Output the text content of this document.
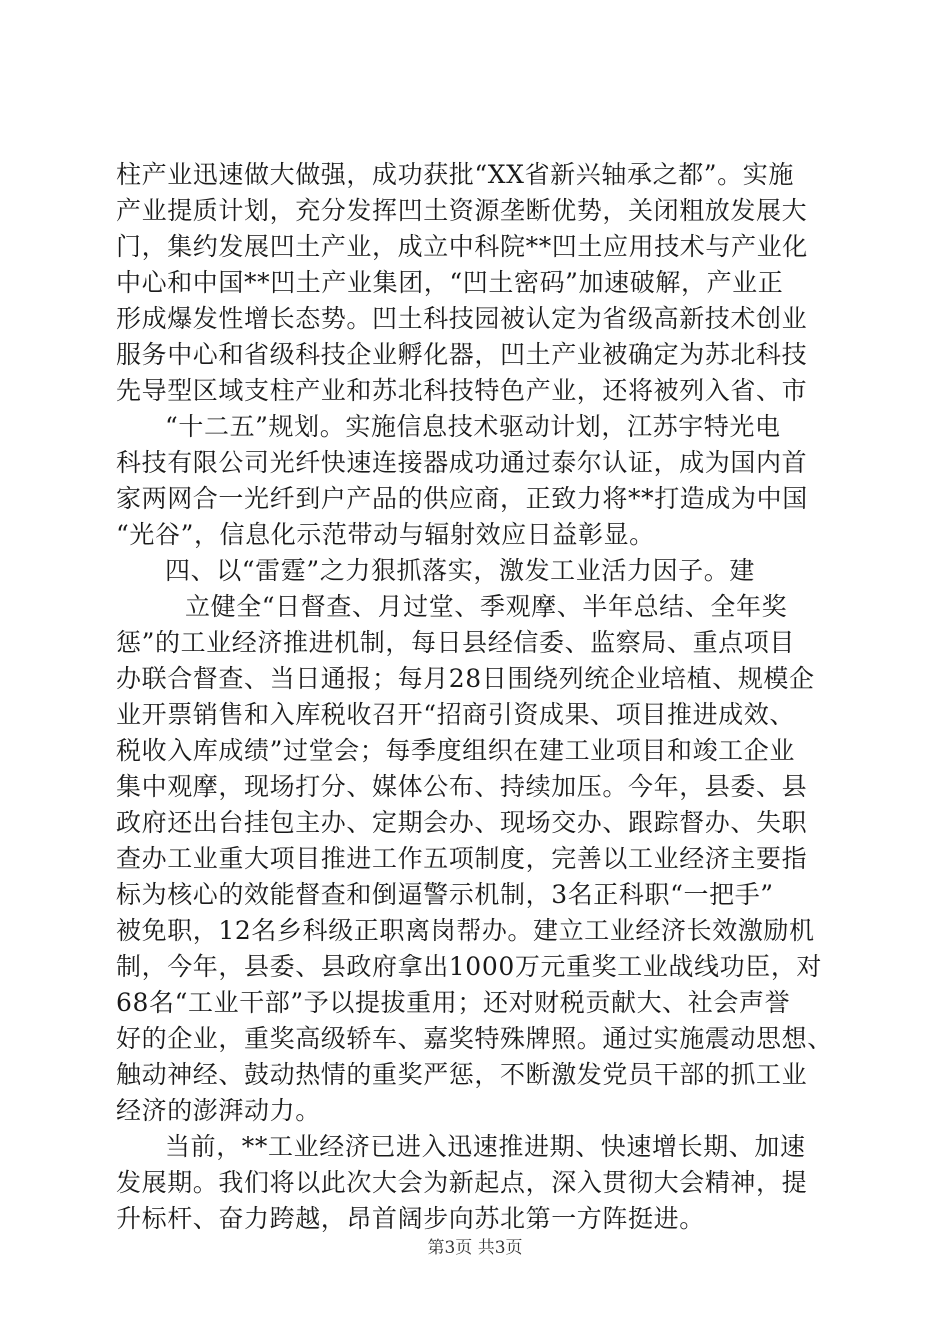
柱产业迅速做大做强，成功获批“XX省新兴轴承之都”。实施
产业提质计划，充分发挥凹土资源垄断优势，关闭粗放发展大
门，集约发展凹土产业，成立中科院**凹土应用技术与产业化
中心和中国**凹土产业集团，“凹土密码”加速破解，产业正
形成爆发性增长态势。凹土科技园被认定为省级高新技术创业
服务中心和省级科技企业孵化器，凹土产业被确定为苏北科技
先导型区域支柱产业和苏北科技特色产业，还将被列入省、市
“十二五”规划。实施信息技术驱动计划，江苏宇特光电
科技有限公司光纤快速连接器成功通过泰尔认证，成为国内首
家两网合一光纤到户产品的供应商，正致力将**打造成为中国
“光谷”，信息化示范带动与辐射效应日益彰显。
四、以“雷霆”之力狠抓落实，激发工业活力因子。建
立健全“日督查、月过堂、季观摩、半年总结、全年奖
惩”的工业经济推进机制，每日县经信委、监察局、重点项目
办联合督查、当日通报；每月28日围绕列统企业培植、规模企
业开票销售和入库税收召开“招商引资成果、项目推进成效、
税收入库成绩”过堂会；每季度组织在建工业项目和竣工企业
集中观摩，现场打分、媒体公布、持续加压。今年，县委、县
政府还出台挂包主办、定期会办、现场交办、跟踪督办、失职
查办工业重大项目推进工作五项制度，完善以工业经济主要指
标为核心的效能督查和倒逼警示机制，3名正科职“一把手”
被免职，12名乡科级正职离岗帮办。建立工业经济长效激励机
制，今年，县委、县政府拿出1000万元重奖工业战线功臣，对
68名“工业干部”予以提拔重用；还对财税贡献大、社会声誉
好的企业，重奖高级轿车、嘉奖特殊牌照。通过实施震动思想、
触动神经、鼓动热情的重奖严惩，不断激发党员干部的抓工业
经济的澎湃动力。
当前，**工业经济已进入迅速推进期、快速增长期、加速
发展期。我们将以此次大会为新起点，深入贯彻大会精神，提
升标杆、奋力跨越，昂首阔步向苏北第一方阵挺进。
第3页 共3页
